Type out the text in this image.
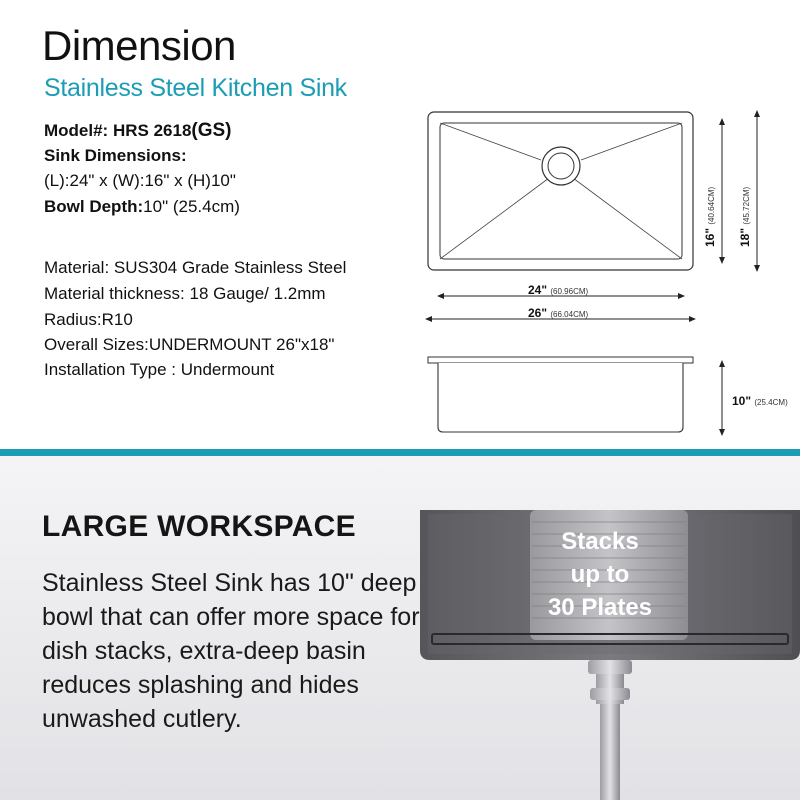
Dimension
Stainless Steel Kitchen Sink
Model#: HRS 2618(GS)
Sink Dimensions:
(L):24" x (W):16" x (H)10"
Bowl Depth:10" (25.4cm)
Material: SUS304 Grade Stainless Steel
Material thickness: 18 Gauge/ 1.2mm
Radius:R10
Overall Sizes:UNDERMOUNT 26"x18"
Installation Type : Undermount
24" (60.96CM)
26" (66.04CM)
16" (40.64CM)
18" (45.72CM)
10" (25.4CM)
LARGE WORKSPACE
Stainless Steel Sink has 10" deep bowl that can offer more space for dish stacks, extra-deep basin reduces splashing and hides unwashed cutlery.
Stacks
up to
30 Plates
